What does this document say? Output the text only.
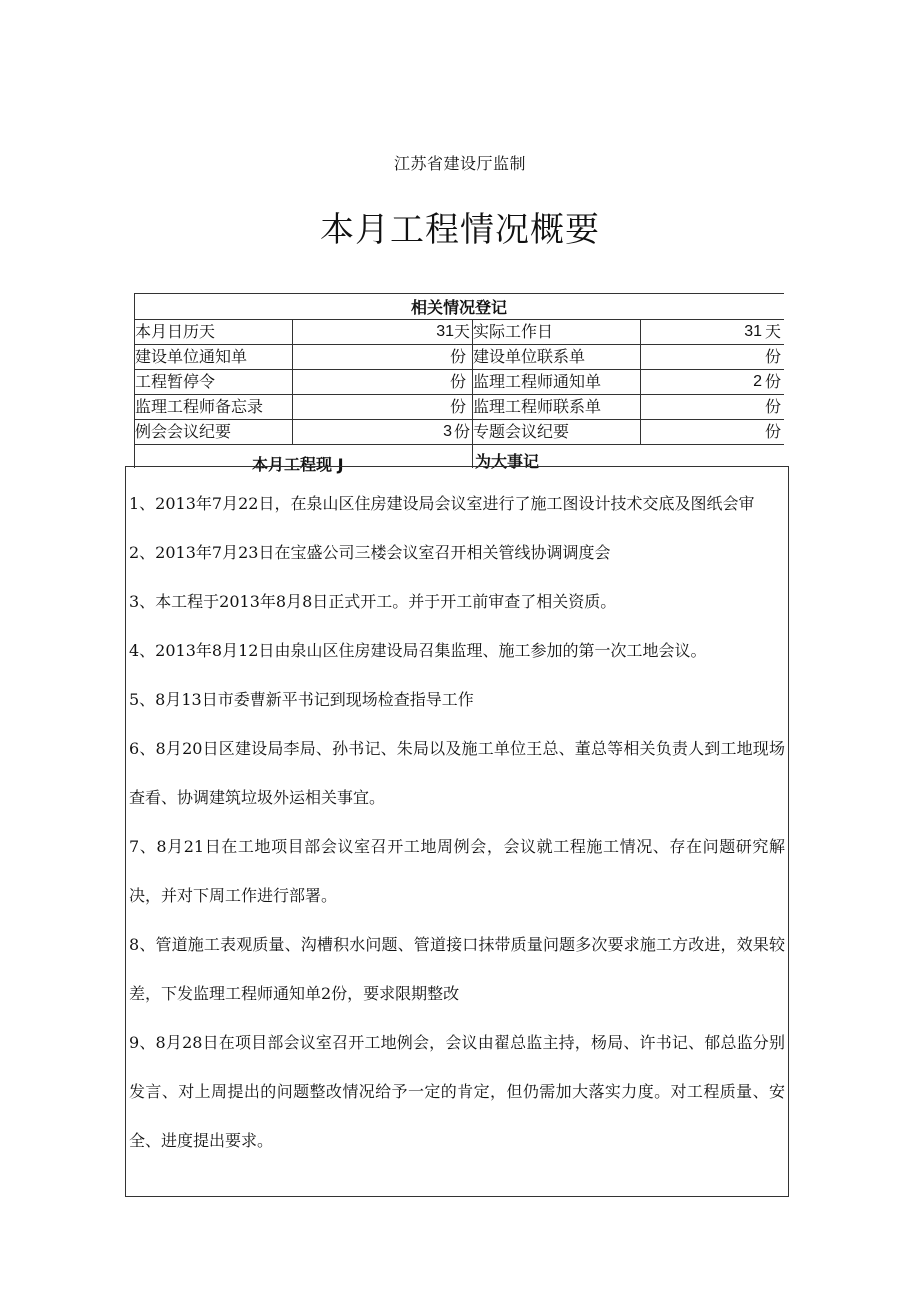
江苏省建设厅监制
本月工程情况概要
相关情况登记
本月日历天	31 天 实际工作日	31 天
建设单位通知单	份 建设单位联系单	份
工程暂停令	份 监理工程师通知单	2 份
监理工程师备忘录	份 监理工程师联系单	份
例会会议纪要	3 份 专题会议纪要	份
本月工程现 J	为大事记
1、2013年7月22日，在泉山区住房建设局会议室进行了施工图设计技术交底及图纸会审
2、2013年7月23日在宝盛公司三楼会议室召开相关管线协调调度会
3、本工程于2013年8月8日正式开工。并于开工前审查了相关资质。
4、2013年8月12日由泉山区住房建设局召集监理、施工参加的第一次工地会议。
5、8月13日市委曹新平书记到现场检查指导工作
6、8月20日区建设局李局、孙书记、朱局以及施工单位王总、董总等相关负责人到工地现场查看、协调建筑垃圾外运相关事宜。
7、8月21日在工地项目部会议室召开工地周例会，会议就工程施工情况、存在问题研究解决，并对下周工作进行部署。
8、管道施工表观质量、沟槽积水问题、管道接口抹带质量问题多次要求施工方改进，效果较差，下发监理工程师通知单2份，要求限期整改
9、8月28日在项目部会议室召开工地例会，会议由翟总监主持，杨局、许书记、郁总监分别发言、对上周提出的问题整改情况给予一定的肯定，但仍需加大落实力度。对工程质量、安全、进度提出要求。
